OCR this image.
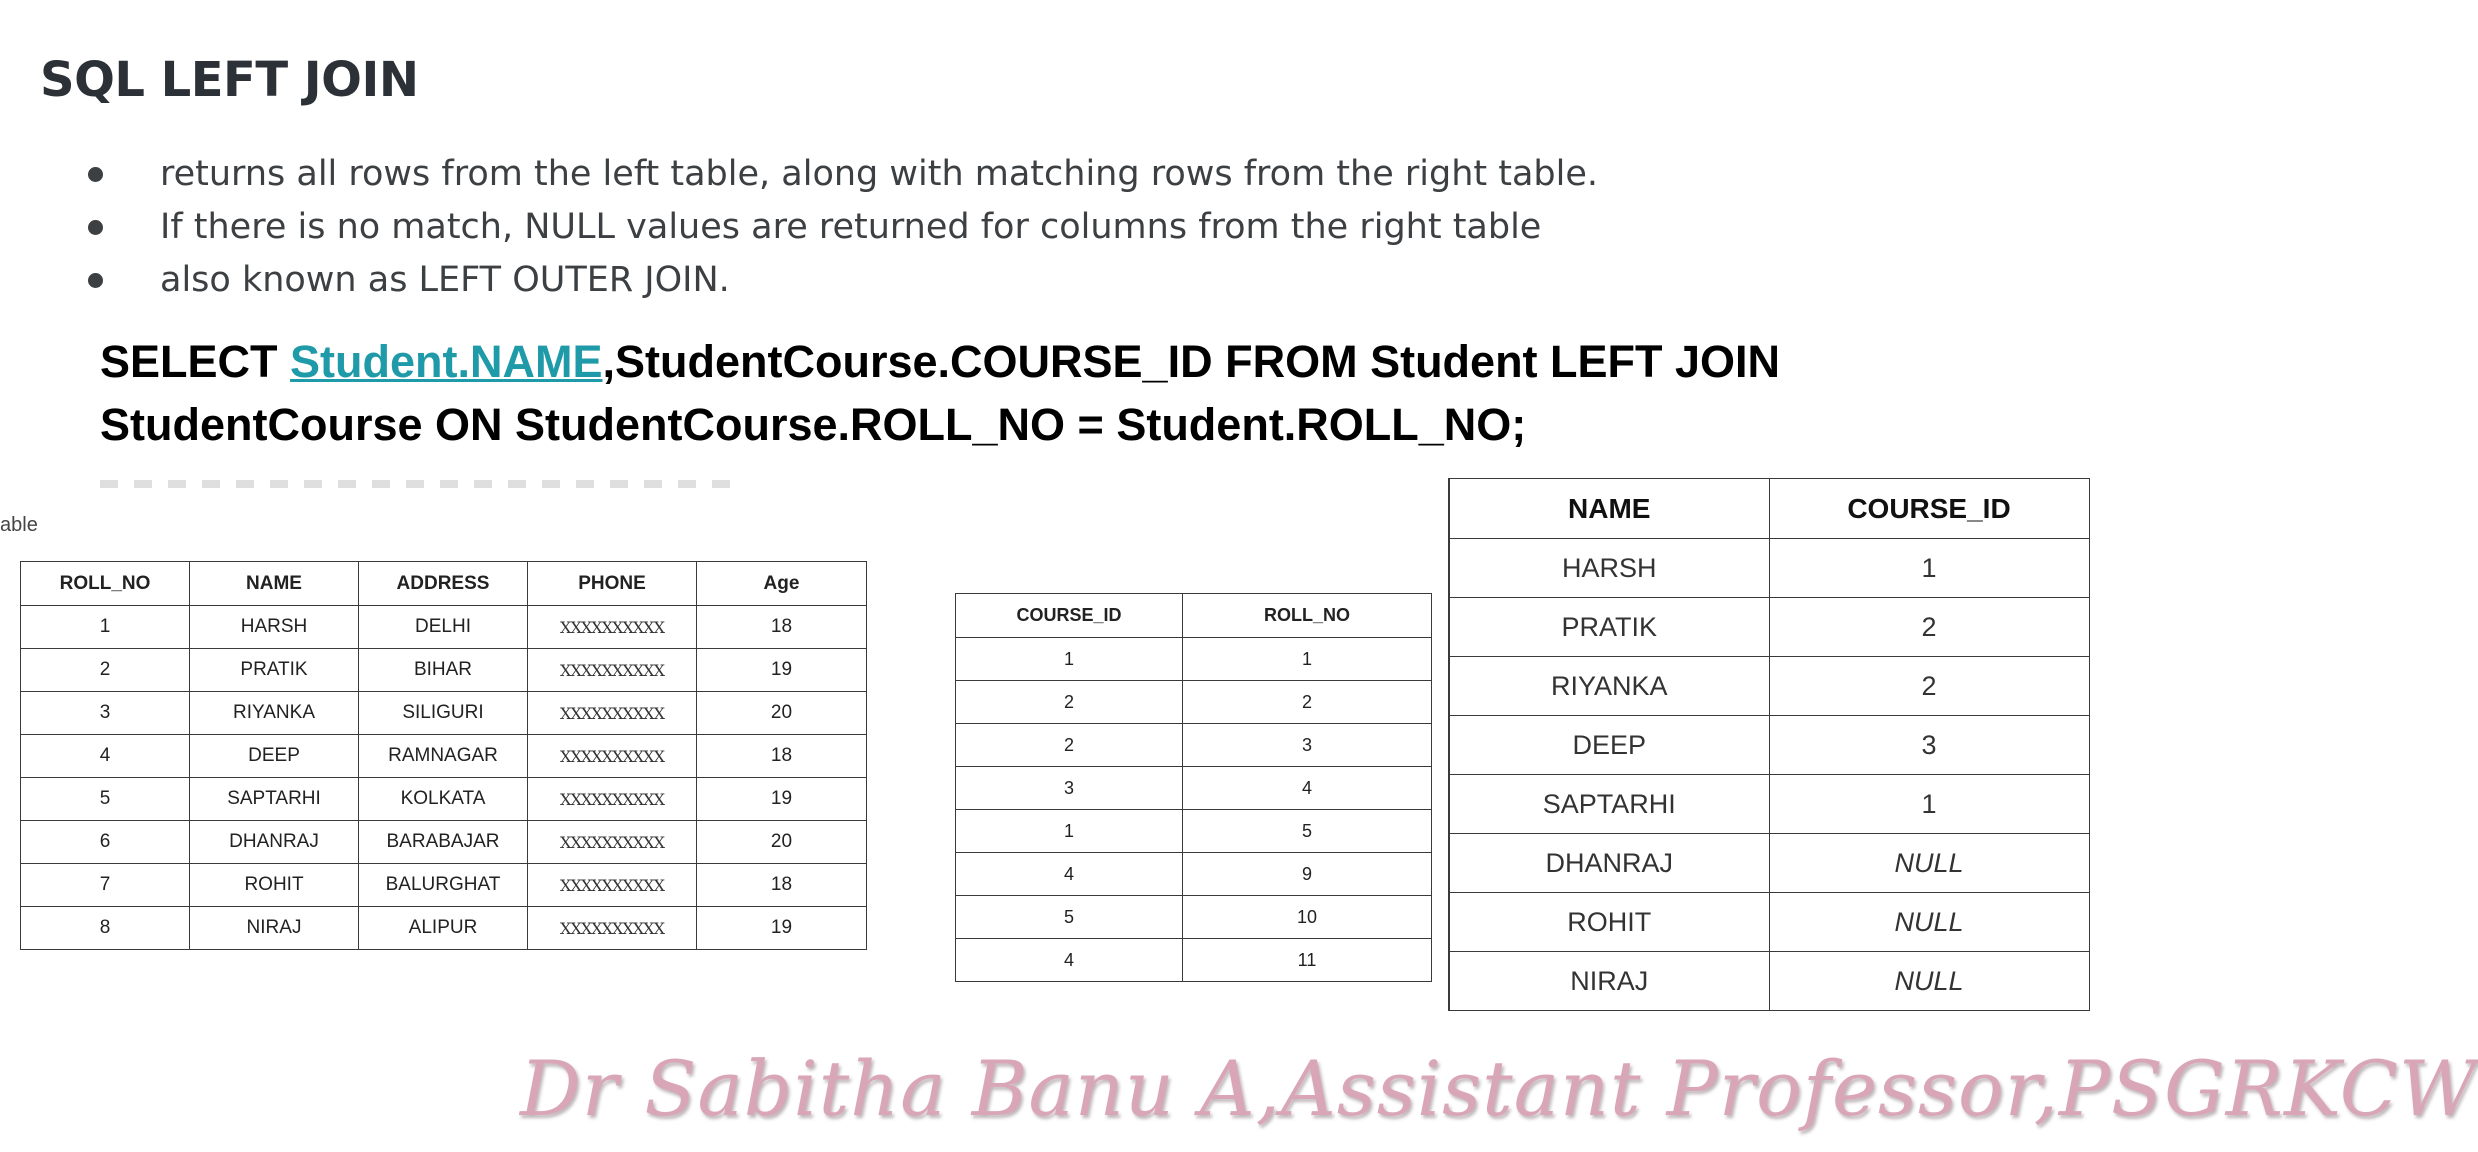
SQL LEFT JOIN
returns all rows from the left table, along with matching rows from the right table.
If there is no match, NULL values are returned for columns from the right table
also known as LEFT OUTER JOIN.
SELECT Student.NAME,StudentCourse.COURSE_ID FROM Student LEFT JOIN
StudentCourse ON StudentCourse.ROLL_NO = Student.ROLL_NO;
able
ROLL_NO	NAME	ADDRESS	PHONE	Age
1	HARSH	DELHI	XXXXXXXXXX	18
2	PRATIK	BIHAR	XXXXXXXXXX	19
3	RIYANKA	SILIGURI	XXXXXXXXXX	20
4	DEEP	RAMNAGAR	XXXXXXXXXX	18
5	SAPTARHI	KOLKATA	XXXXXXXXXX	19
6	DHANRAJ	BARABAJAR	XXXXXXXXXX	20
7	ROHIT	BALURGHAT	XXXXXXXXXX	18
8	NIRAJ	ALIPUR	XXXXXXXXXX	19
COURSE_ID	ROLL_NO
1	1
2	2
2	3
3	4
1	5
4	9
5	10
4	11
NAME	COURSE_ID
HARSH	1
PRATIK	2
RIYANKA	2
DEEP	3
SAPTARHI	1
DHANRAJ	NULL
ROHIT	NULL
NIRAJ	NULL
Dr Sabitha Banu A,Assistant Professor,PSGRKCW
